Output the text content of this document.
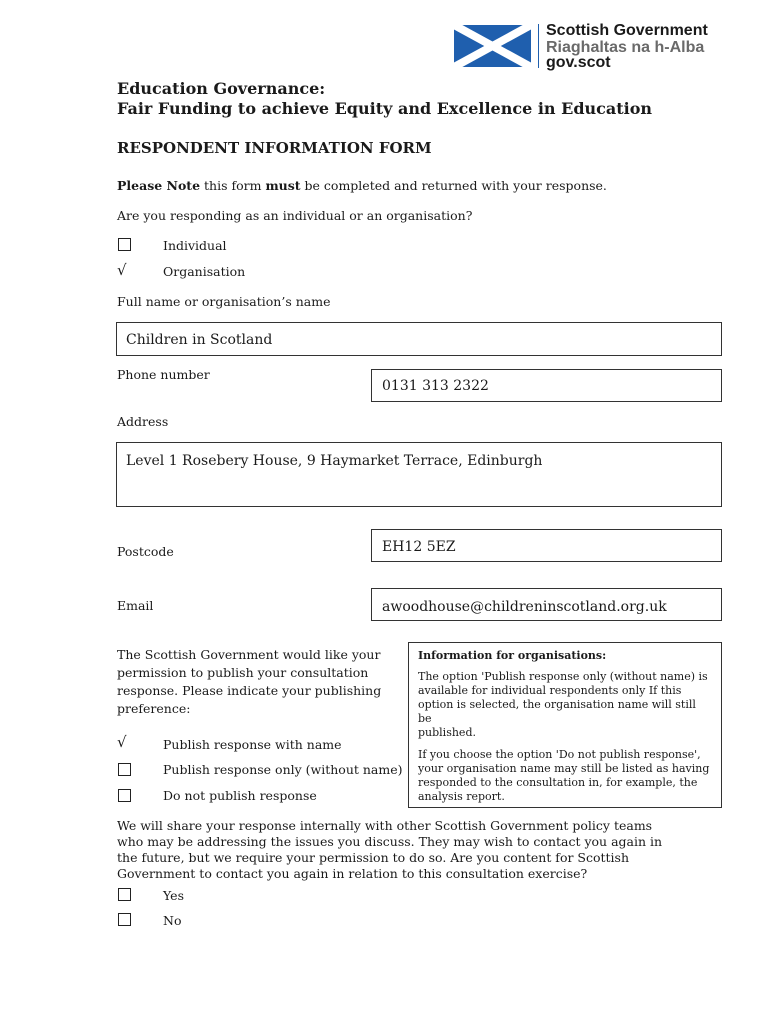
Scottish Government
Riaghaltas na h-Alba
gov.scot
Education Governance:
Fair Funding to achieve Equity and Excellence in Education
RESPONDENT INFORMATION FORM
Please Note this form must be completed and returned with your response.
Are you responding as an individual or an organisation?
Individual
√	Organisation
Full name or organisation’s name
Children in Scotland
Phone number
0131 313 2322
Address
Level 1 Rosebery House, 9 Haymarket Terrace, Edinburgh
Postcode	EH12 5EZ
Email	awoodhouse@childreninscotland.org.uk
The Scottish Government would like your
permission to publish your consultation
response. Please indicate your publishing
preference:
√	Publish response with name
Publish response only (without name)
Do not publish response
Information for organisations:
The option 'Publish response only (without name) is
available for individual respondents only If this
option is selected, the organisation name will still be
published.
If you choose the option 'Do not publish response',
your organisation name may still be listed as having
responded to the consultation in, for example, the
analysis report.
We will share your response internally with other Scottish Government policy teams
who may be addressing the issues you discuss. They may wish to contact you again in
the future, but we require your permission to do so. Are you content for Scottish
Government to contact you again in relation to this consultation exercise?
Yes
No
